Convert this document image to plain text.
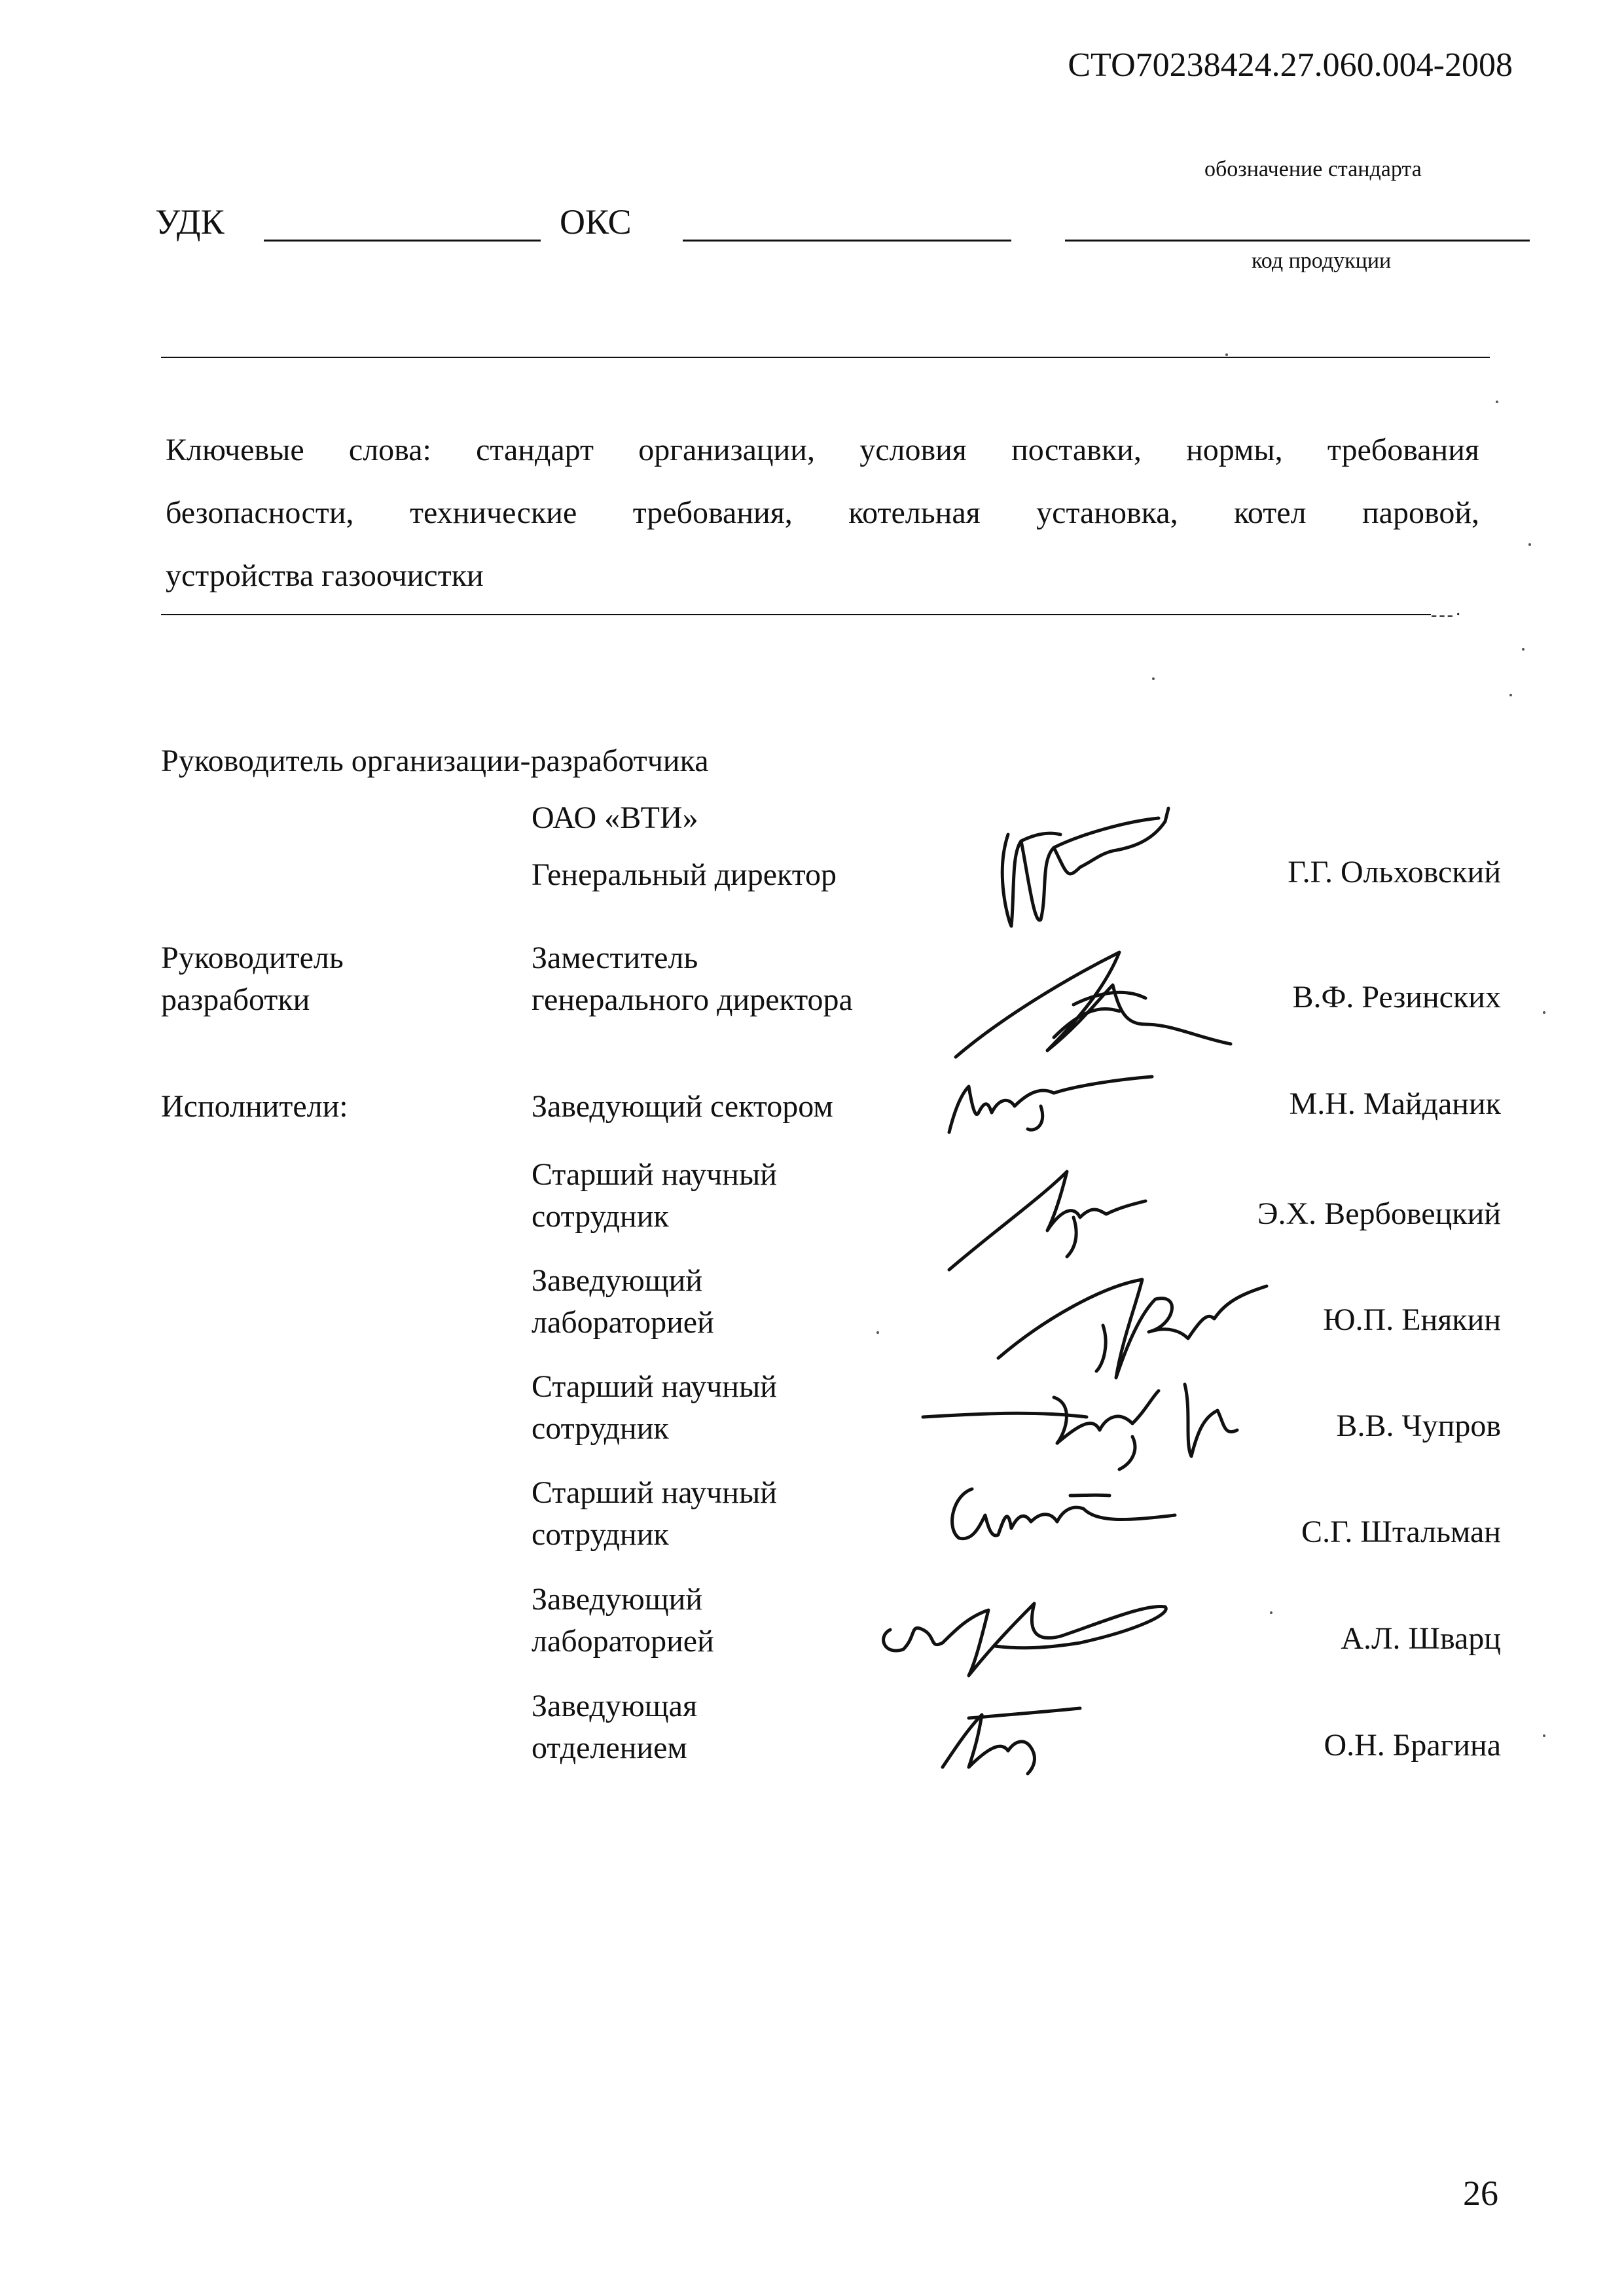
СТО70238424.27.060.004-2008
обозначение стандарта
УДК	ОКС
код продукции
Ключевые слова: стандарт организации, условия поставки, нормы, требования
безопасности, технические требования, котельная установка, котел паровой,
устройства газоочистки
---·
Руководитель организации-разработчика
ОАО «ВТИ»
Генеральный директор	Г.Г. Ольховский
Руководитель
разработки
Заместитель
генерального директора	В.Ф. Резинских
Исполнители:	Заведующий сектором	М.Н. Майданик
Старший научный
сотрудник	Э.Х. Вербовецкий
Заведующий
лабораторией	Ю.П. Енякин
Старший научный
сотрудник	В.В. Чупров
Старший научный
сотрудник	С.Г. Штальман
Заведующий
лабораторией	А.Л. Шварц
Заведующая
отделением	О.Н. Брагина
26
